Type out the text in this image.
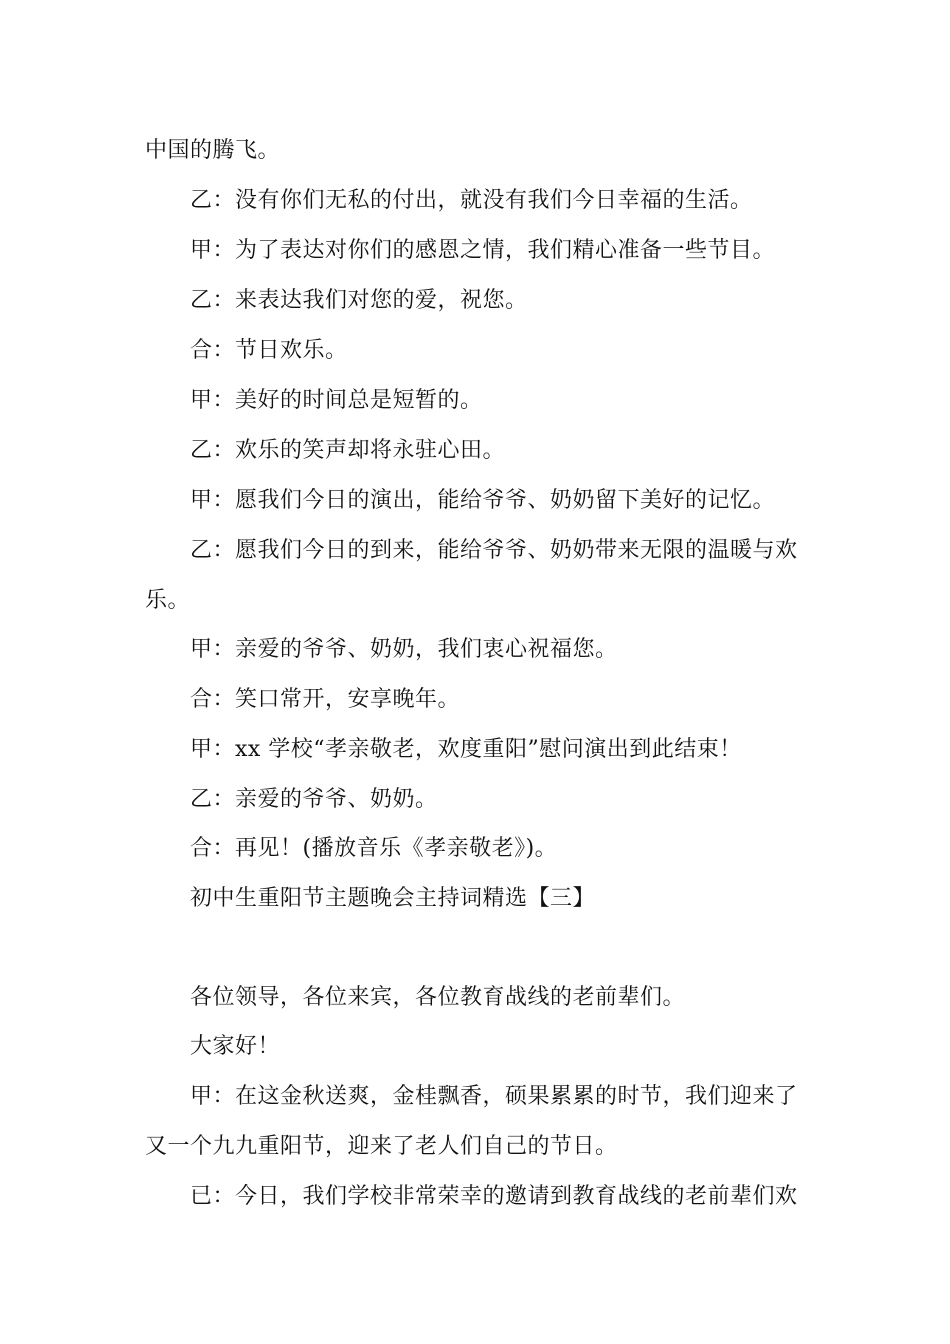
中国的腾飞。
乙：没有你们无私的付出，就没有我们今日幸福的生活。
甲：为了表达对你们的感恩之情，我们精心准备一些节目。
乙：来表达我们对您的爱，祝您。
合：节日欢乐。
甲：美好的时间总是短暂的。
乙：欢乐的笑声却将永驻心田。
甲：愿我们今日的演出，能给爷爷、奶奶留下美好的记忆。
乙：愿我们今日的到来，能给爷爷、奶奶带来无限的温暖与欢
乐。
甲：亲爱的爷爷、奶奶，我们衷心祝福您。
合：笑口常开，安享晚年。
甲：xx 学校“孝亲敬老，欢度重阳”慰问演出到此结束！
乙：亲爱的爷爷、奶奶。
合：再见！(播放音乐《孝亲敬老》)。
初中生重阳节主题晚会主持词精选【三】
各位领导，各位来宾，各位教育战线的老前辈们。
大家好！
甲：在这金秋送爽，金桂飘香，硕果累累的时节，我们迎来了
又一个九九重阳节，迎来了老人们自己的节日。
已：今日，我们学校非常荣幸的邀请到教育战线的老前辈们欢
